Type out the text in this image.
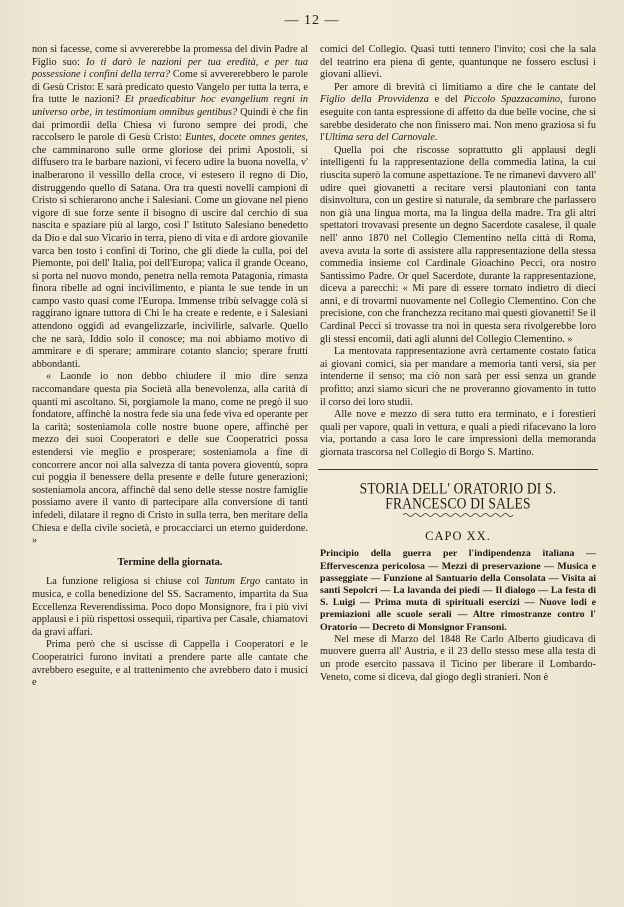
— 12 —

non si facesse, come si avvererebbe la promessa del divin Padre al Figlio suo: Io ti darò le nazioni per tua eredità, e per tua possessione i confini della terra? Come si avvererebbero le parole di Gesù Cristo: E sarà predicato questo Vangelo per tutta la terra, e fra tutte le nazioni? Et praedicabitur hoc evangelium regni in universo orbe, in testimonium omnibus gentibus? Quindi è che fin dai primordii della Chiesa vi furono sempre dei prodi, che raccolsero le parole di Gesù Cristo: Euntes, docete omnes gentes, che camminarono sulle orme gloriose dei primi Apostoli, si diffusero tra le barbare nazioni, vi fecero udire la buona novella, v' inalberarono il vessillo della croce, vi estesero il regno di Dio, distruggendo quello di Satana. Ora tra questi novelli campioni di Cristo si schierarono anche i Salesiani. Come un giovane nel pieno vigore di sue forze sente il bisogno di uscire dal cerchio di sua nascita e spaziare più al largo, così l' Istituto Salesiano benedetto da Dio e dal suo Vicario in terra, pieno di vita e di ardore giovanile varca ben tosto i confini di Torino, che gli diede la culla, poi del Piemonte, poi dell' Italia, poi dell'Europa; valica il grande Oceano, si porta nel nuovo mondo, penetra nella remota Patagonia, rimasta finora ribelle ad ogni incivilimento, e pianta le sue tende in un campo vasto quasi come l'Europa. Immense tribù selvagge colà si raggirano ignare tuttora di Chi le ha create e redente, e i Salesiani attendono oggidì ad evangelizzarle, incivilirle, salvarle. Quello che ne sarà, Iddio solo il conosce; ma noi abbiamo motivo di ammirare e di sperare; ammirare cotanto slancio; sperare frutti abbondanti.

« Laonde io non debbo chiudere il mio dire senza raccomandare questa pia Società alla benevolenza, alla carità di quanti mi ascoltano. Sì, porgiamole la mano, come ne pregò il suo fondatore, affinchè la nostra fede sia una fede viva ed operante per la carità; sosteniamola colle nostre buone opere, affinchè per mezzo dei suoi Cooperatori e delle sue Cooperatrici possa estendersi vie meglio e prosperare; sosteniamola a fine di concorrere ancor noi alla salvezza di tanta povera gioventù, sopra cui poggia il benessere della presente e delle future generazioni; sosteniamola ancora, affinchè dal seno delle stesse nostre famiglie possiamo avere il vanto di partecipare alla conversione di tanti infedeli, dilatare il regno di Cristo in sulla terra, ben meritare della Chiesa e della civile società, e procacciarci un eterno guiderdone. »

Termine della giornata.

La funzione religiosa si chiuse col Tantum Ergo cantato in musica, e colla benedizione del SS. Sacramento, impartita da Sua Eccellenza Reverendissima. Poco dopo Monsignore, fra i più vivi applausi e i più rispettosi ossequii, ripartiva per Casale, chiamatovi da gravi affari.

Prima però che si uscisse di Cappella i Cooperatori e le Cooperatrici furono invitati a prendere parte alle cantate che avrebbero eseguite, e al trattenimento che avrebbero dato i musici e

comici del Collegio. Quasi tutti tennero l'invito; così che la sala del teatrino era piena di gente, quantunque ne fossero esclusi i giovani allievi.

Per amore di brevità ci limitiamo a dire che le cantate del Figlio della Provvidenza e del Piccolo Spazzacamino, furono eseguite con tanta espressione di affetto da due belle vocine, che si sarebbe desiderato che non finissero mai. Non meno graziosa si fu l'Ultima sera del Carnovale.

Quella poi che riscosse soprattutto gli applausi degli intelligenti fu la rappresentazione della commedia latina, la cui riuscita superò la comune aspettazione. Te ne rimanevi davvero all' udire quei giovanetti a recitare versi plautoniani con tanta disinvoltura, con un gestire sì naturale, da sembrare che parlassero non già una lingua morta, ma la lingua della madre. Tra gli altri spettatori trovavasi presente un degno Sacerdote casalese, il quale nell' anno 1870 nel Collegio Clementino nella città di Roma, aveva avuta la sorte di assistere alla rappresentazione della stessa commedia insieme col Cardinale Gioachino Pecci, ora nostro Santissimo Padre. Or quel Sacerdote, durante la rappresentazione, diceva a parecchi: « Mi pare di essere tornato indietro di dieci anni, e di trovarmi nuovamente nel Collegio Clementino. Con che precisione, con che franchezza recitano mai questi giovanetti! Se il Cardinal Pecci si trovasse tra noi in questa sera rivolgerebbe loro gli stessi encomii, dati agli alunni del Collegio Clementino. »

La mentovata rappresentazione avrà certamente costato fatica ai giovani comici, sia per mandare a memoria tanti versi, sia per intenderne il senso; ma ciò non sarà per essi senza un grande profitto; anzi siamo sicuri che ne proveranno giovamento in tutto il corso dei loro studii.

Alle nove e mezzo di sera tutto era terminato, e i forestieri quali per vapore, quali in vettura, e quali a piedi rifacevano la loro via, portando a casa loro le care impressioni della memoranda giornata trascorsa nel Collegio di Borgo S. Martino.

STORIA DELL' ORATORIO DI S. FRANCESCO DI SALES
CAPO XX.

Principio della guerra per l'indipendenza italiana — Effervescenza pericolosa — Mezzi di preservazione — Musica e passeggiate — Funzione al Santuario della Consolata — Visita ai santi Sepolcri — La lavanda dei piedi — Il dialogo — La festa di S. Luigi — Prima muta di spirituali esercizi — Nuove lodi e premiazioni alle scuole serali — Altre rimostranze contro l' Oratorio — Decreto di Monsignor Fransoni.

Nel mese di Marzo del 1848 Re Carlo Alberto giudicava di muovere guerra all' Austria, e il 23 dello stesso mese alla testa di un prode esercito passava il Ticino per liberare il Lombardo-Veneto, come si diceva, dal giogo degli stranieri. Non è
